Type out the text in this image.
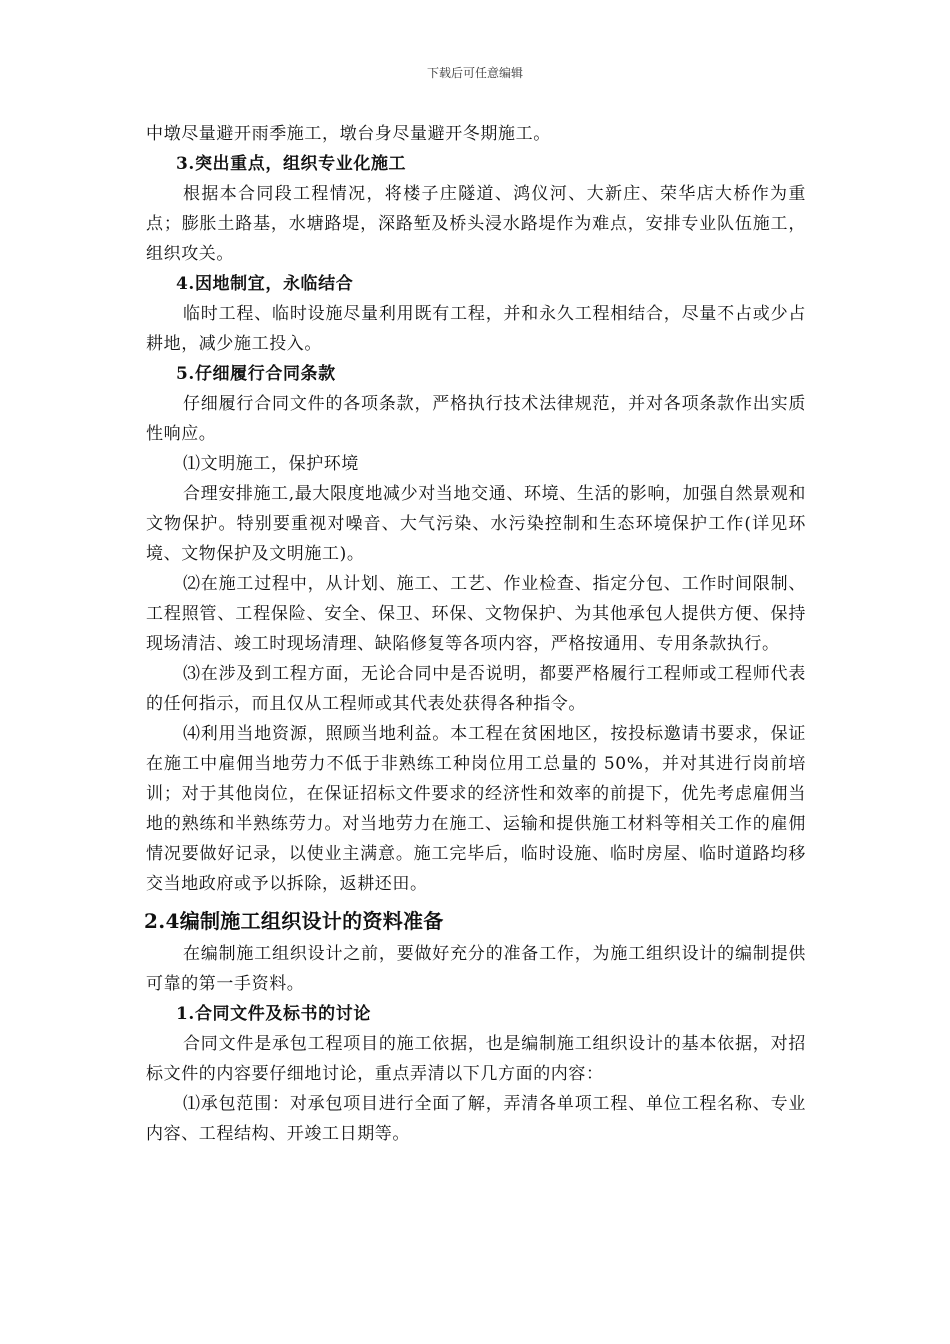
下载后可任意编辑

中墩尽量避开雨季施工，墩台身尽量避开冬期施工。

3.突出重点，组织专业化施工

根据本合同段工程情况，将楼子庄隧道、鸿仪河、大新庄、荣华店大桥作为重点；膨胀土路基，水塘路堤，深路堑及桥头浸水路堤作为难点，安排专业队伍施工，组织攻关。

4.因地制宜，永临结合

临时工程、临时设施尽量利用既有工程，并和永久工程相结合，尽量不占或少占耕地，减少施工投入。

5.仔细履行合同条款

仔细履行合同文件的各项条款，严格执行技术法律规范，并对各项条款作出实质性响应。

⑴文明施工，保护环境

合理安排施工,最大限度地减少对当地交通、环境、生活的影响，加强自然景观和文物保护。特别要重视对噪音、大气污染、水污染控制和生态环境保护工作(详见环境、文物保护及文明施工)。

⑵在施工过程中，从计划、施工、工艺、作业检查、指定分包、工作时间限制、工程照管、工程保险、安全、保卫、环保、文物保护、为其他承包人提供方便、保持现场清洁、竣工时现场清理、缺陷修复等各项内容，严格按通用、专用条款执行。

⑶在涉及到工程方面，无论合同中是否说明，都要严格履行工程师或工程师代表的任何指示，而且仅从工程师或其代表处获得各种指令。

⑷利用当地资源，照顾当地利益。本工程在贫困地区，按投标邀请书要求，保证在施工中雇佣当地劳力不低于非熟练工种岗位用工总量的 50%，并对其进行岗前培训；对于其他岗位，在保证招标文件要求的经济性和效率的前提下，优先考虑雇佣当地的熟练和半熟练劳力。对当地劳力在施工、运输和提供施工材料等相关工作的雇佣情况要做好记录，以使业主满意。施工完毕后，临时设施、临时房屋、临时道路均移交当地政府或予以拆除，返耕还田。

2.4编制施工组织设计的资料准备

在编制施工组织设计之前，要做好充分的准备工作，为施工组织设计的编制提供可靠的第一手资料。

1.合同文件及标书的讨论

合同文件是承包工程项目的施工依据，也是编制施工组织设计的基本依据，对招标文件的内容要仔细地讨论，重点弄清以下几方面的内容：

⑴承包范围：对承包项目进行全面了解，弄清各单项工程、单位工程名称、专业内容、工程结构、开竣工日期等。
